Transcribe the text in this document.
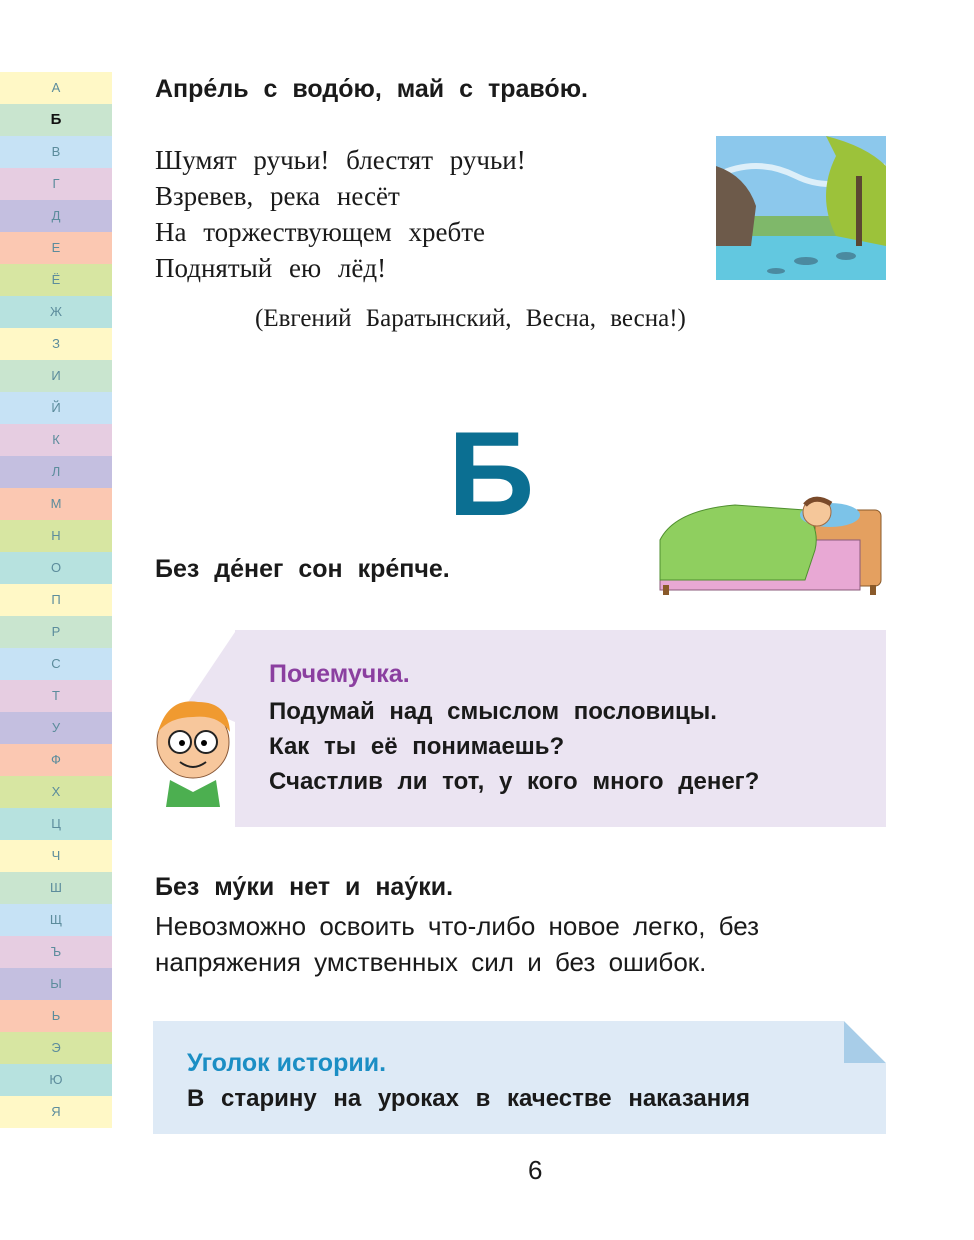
А
Б
В
Г
Д
Е
Ё
Ж
З
И
Й
К
Л
М
Н
О
П
Р
С
Т
У
Ф
Х
Ц
Ч
Ш
Щ
Ъ
Ы
Ь
Э
Ю
Я
Апре́ль с водо́ю, май с траво́ю.
Шумят ручьи! блестят ручьи!
Взревев, река несёт
На торжествующем хребте
Поднятый ею лёд!
(Евгений Баратынский, Весна, весна!)
Б
Без де́нег сон кре́пче.
Почемучка.
Подумай над смыслом пословицы.
Как ты её понимаешь?
Счастлив ли тот, у кого много денег?
Без му́ки нет и нау́ки.
Невозможно освоить что-либо новое легко, без напряжения умственных сил и без ошибок.
Уголок истории.
В старину на уроках в качестве наказания
6
